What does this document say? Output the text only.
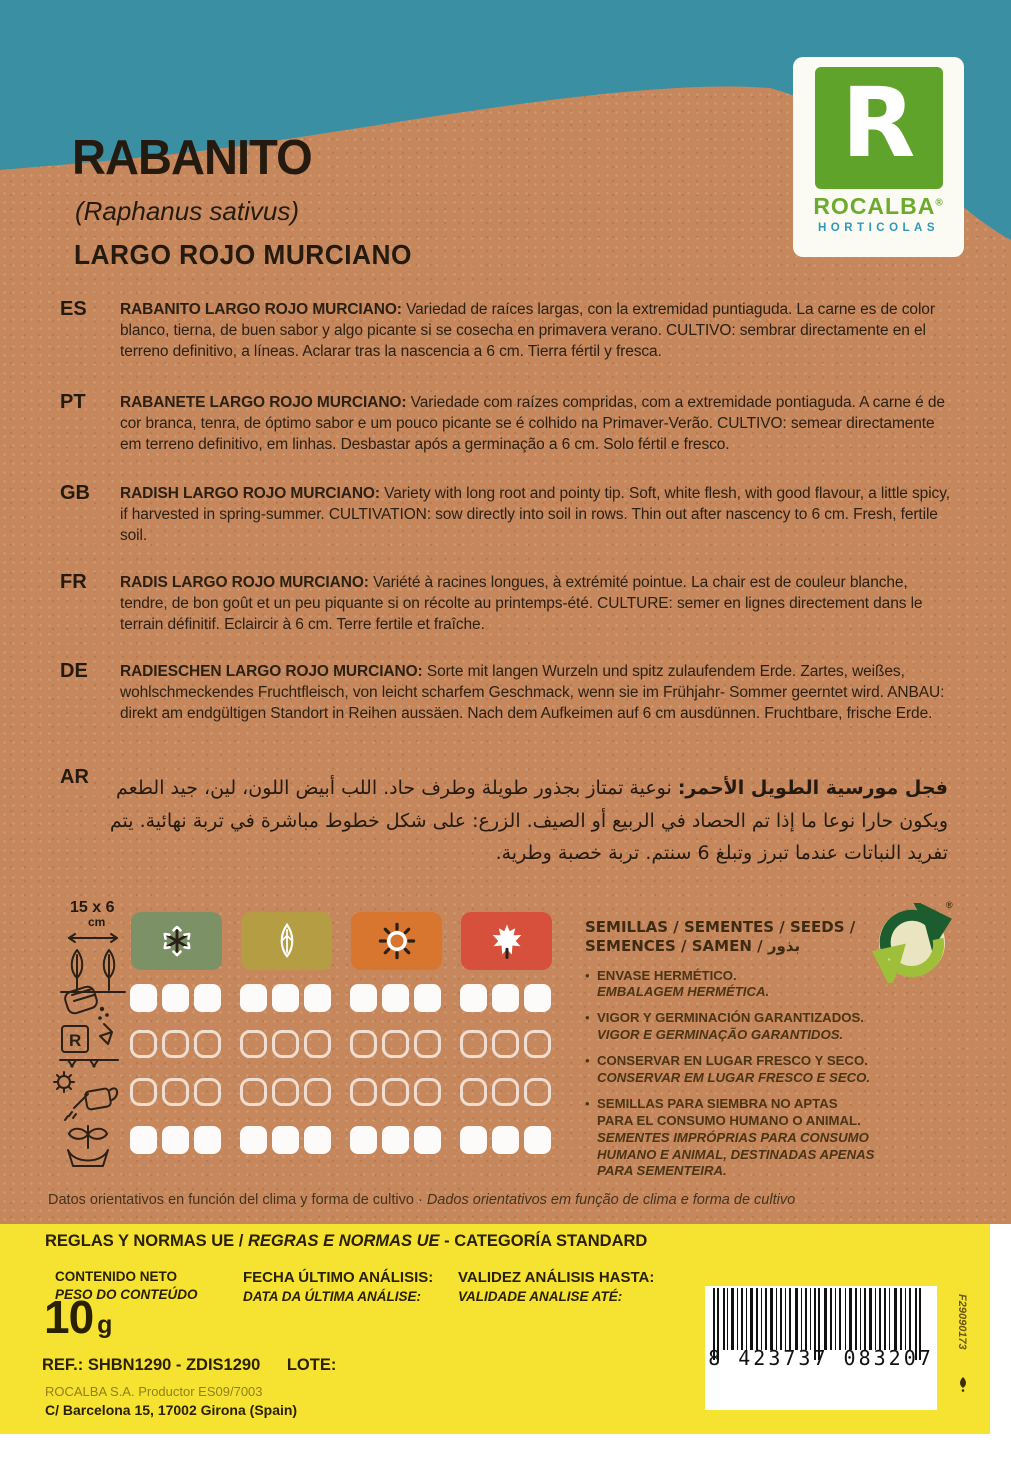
R
ROCALBA®
HORTICOLAS
RABANITO
(Raphanus sativus)
LARGO ROJO MURCIANO
ES RABANITO LARGO ROJO MURCIANO: Variedad de raíces largas, con la extremidad puntiaguda. La carne es de color blanco, tierna, de buen sabor y algo picante si se cosecha en primavera verano. CULTIVO: sembrar directamente en el terreno definitivo, a líneas. Aclarar tras la nascencia a 6 cm. Tierra fértil y fresca.
PT RABANETE LARGO ROJO MURCIANO: Variedade com raízes compridas, com a extremidade pontiaguda. A carne é de cor branca, tenra, de óptimo sabor e um pouco picante se é colhido na Primaver-Verão. CULTIVO: semear directamente em terreno definitivo, em linhas. Desbastar após a germinação a 6 cm. Solo fértil e fresco.
GB RADISH LARGO ROJO MURCIANO: Variety with long root and pointy tip. Soft, white flesh, with good flavour, a little spicy, if harvested in spring-summer. CULTIVATION: sow directly into soil in rows. Thin out after nascency to 6 cm. Fresh, fertile soil.
FR RADIS LARGO ROJO MURCIANO: Variété à racines longues, à extrémité pointue. La chair est de couleur blanche, tendre, de bon goût et un peu piquante si on récolte au printemps-été. CULTURE: semer en lignes directement dans le terrain définitif. Eclaircir à 6 cm. Terre fertile et fraîche.
DE RADIESCHEN LARGO ROJO MURCIANO: Sorte mit langen Wurzeln und spitz zulaufendem Erde. Zartes, weißes, wohlschmeckendes Fruchtfleisch, von leicht scharfem Geschmack, wenn sie im Frühjahr- Sommer geerntet wird. ANBAU: direkt am endgültigen Standort in Reihen aussäen. Nach dem Aufkeimen auf 6 cm ausdünnen. Fruchtbare, frische Erde.
AR	فجل مورسية الطويل الأحمر: نوعية تمتاز بجذور طويلة وطرف حاد. اللب أبيض اللون، لين، جيد الطعم ويكون حارا نوعا ما إذا تم الحصاد في الربيع أو الصيف. الزرع: على شكل خطوط مباشرة في تربة نهائية. يتم تفريد النباتات عندما تبرز وتبلغ 6 سنتم. تربة خصبة وطرية.
15 x 6
cm
R
SEMILLAS / SEMENTES / SEEDS /
SEMENCES / SAMEN / بذور
• ENVASE HERMÉTICO.
EMBALAGEM HERMÉTICA.
• VIGOR Y GERMINACIÓN GARANTIZADOS.
VIGOR E GERMINAÇÃO GARANTIDOS.
• CONSERVAR EN LUGAR FRESCO Y SECO.
CONSERVAR EM LUGAR FRESCO E SECO.
• SEMILLAS PARA SIEMBRA NO APTAS PARA EL CONSUMO HUMANO O ANIMAL.
SEMENTES IMPRÓPRIAS PARA CONSUMO HUMANO E ANIMAL, DESTINADAS APENAS PARA SEMENTEIRA.
®
Datos orientativos en función del clima y forma de cultivo · Dados orientativos em função de clima e forma de cultivo
REGLAS Y NORMAS UE / REGRAS E NORMAS UE - CATEGORÍA STANDARD
CONTENIDO NETO
PESO DO CONTEÚDO
FECHA ÚLTIMO ANÁLISIS:
DATA DA ÚLTIMA ANÁLISE:
VALIDEZ ANÁLISIS HASTA:
VALIDADE ANALISE ATÉ:
10 g
REF.: SHBN1290 - ZDIS1290 LOTE:
ROCALBA S.A. Productor ES09/7003
C/ Barcelona 15, 17002 Girona (Spain)
8 423737 083207
F29090173
